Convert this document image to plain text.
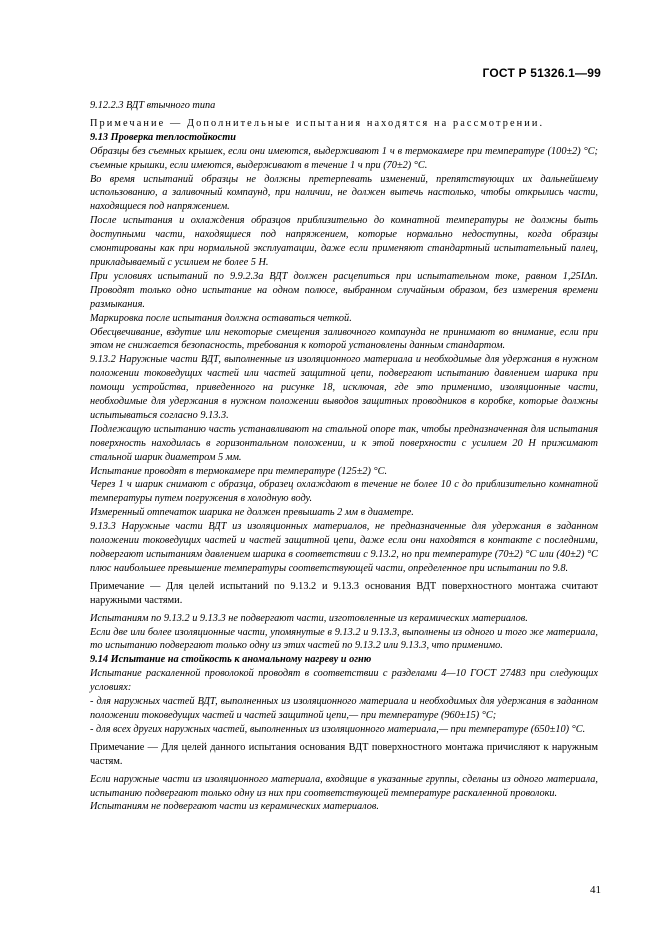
ГОСТ Р 51326.1—99

9.12.2.3 ВДТ втычного типа

Примечание — Дополнительные испытания находятся на рассмотрении.

9.13 Проверка теплостойкости

Образцы без съемных крышек, если они имеются, выдерживают 1 ч в термокамере при температуре (100±2) °С; съемные крышки, если имеются, выдерживают в течение 1 ч при (70±2) °С.

Во время испытаний образцы не должны претерпевать изменений, препятствующих их дальнейшему использованию, а заливочный компаунд, при наличии, не должен вытечь настолько, чтобы открылись части, находящиеся под напряжением.

После испытания и охлаждения образцов приблизительно до комнатной температуры не должны быть доступными части, находящиеся под напряжением, которые нормально недоступны, когда образцы смонтированы как при нормальной эксплуатации, даже если применяют стандартный испытательный палец, прикладываемый с усилием не более 5 Н.

При условиях испытаний по 9.9.2.3а ВДТ должен расцепиться при испытательном токе, равном 1,25IΔn. Проводят только одно испытание на одном полюсе, выбранном случайным образом, без измерения времени размыкания.

Маркировка после испытания должна оставаться четкой.

Обесцвечивание, вздутие или некоторые смещения заливочного компаунда не принимают во внимание, если при этом не снижается безопасность, требования к которой установлены данным стандартом.

9.13.2 Наружные части ВДТ, выполненные из изоляционного материала и необходимые для удержания в нужном положении токоведущих частей или частей защитной цепи, подвергают испытанию давлением шарика при помощи устройства, приведенного на рисунке 18, исключая, где это применимо, изоляционные части, необходимые для удержания в нужном положении выводов защитных проводников в коробке, которые должны испытываться согласно 9.13.3.

Подлежащую испытанию часть устанавливают на стальной опоре так, чтобы предназначенная для испытания поверхность находилась в горизонтальном положении, и к этой поверхности с усилием 20 Н прижимают стальной шарик диаметром 5 мм.

Испытание проводят в термокамере при температуре (125±2) °С.

Через 1 ч шарик снимают с образца, образец охлаждают в течение не более 10 с до приблизительно комнатной температуры путем погружения в холодную воду.

Измеренный отпечаток шарика не должен превышать 2 мм в диаметре.

9.13.3 Наружные части ВДТ из изоляционных материалов, не предназначенные для удержания в заданном положении токоведущих частей и частей защитной цепи, даже если они находятся в контакте с последними, подвергают испытаниям давлением шарика в соответствии с 9.13.2, но при температуре (70±2) °С или (40±2) °С плюс наибольшее превышение температуры соответствующей части, определенное при испытании по 9.8.

Примечание — Для целей испытаний по 9.13.2 и 9.13.3 основания ВДТ поверхностного монтажа считают наружными частями.

Испытаниям по 9.13.2 и 9.13.3 не подвергают части, изготовленные из керамических материалов.

Если две или более изоляционные части, упомянутые в 9.13.2 и 9.13.3, выполнены из одного и того же материала, то испытанию подвергают только одну из этих частей по 9.13.2 или 9.13.3, что применимо.

9.14 Испытание на стойкость к аномальному нагреву и огню

Испытание раскаленной проволокой проводят в соответствии с разделами 4—10 ГОСТ 27483 при следующих условиях:

- для наружных частей ВДТ, выполненных из изоляционного материала и необходимых для удержания в заданном положении токоведущих частей и частей защитной цепи,— при температуре (960±15) °С;

- для всех других наружных частей, выполненных из изоляционного материала,— при температуре (650±10) °С.

Примечание — Для целей данного испытания основания ВДТ поверхностного монтажа причисляют к наружным частям.

Если наружные части из изоляционного материала, входящие в указанные группы, сделаны из одного материала, испытанию подвергают только одну из них при соответствующей температуре раскаленной проволоки.

Испытаниям не подвергают части из керамических материалов.

41
